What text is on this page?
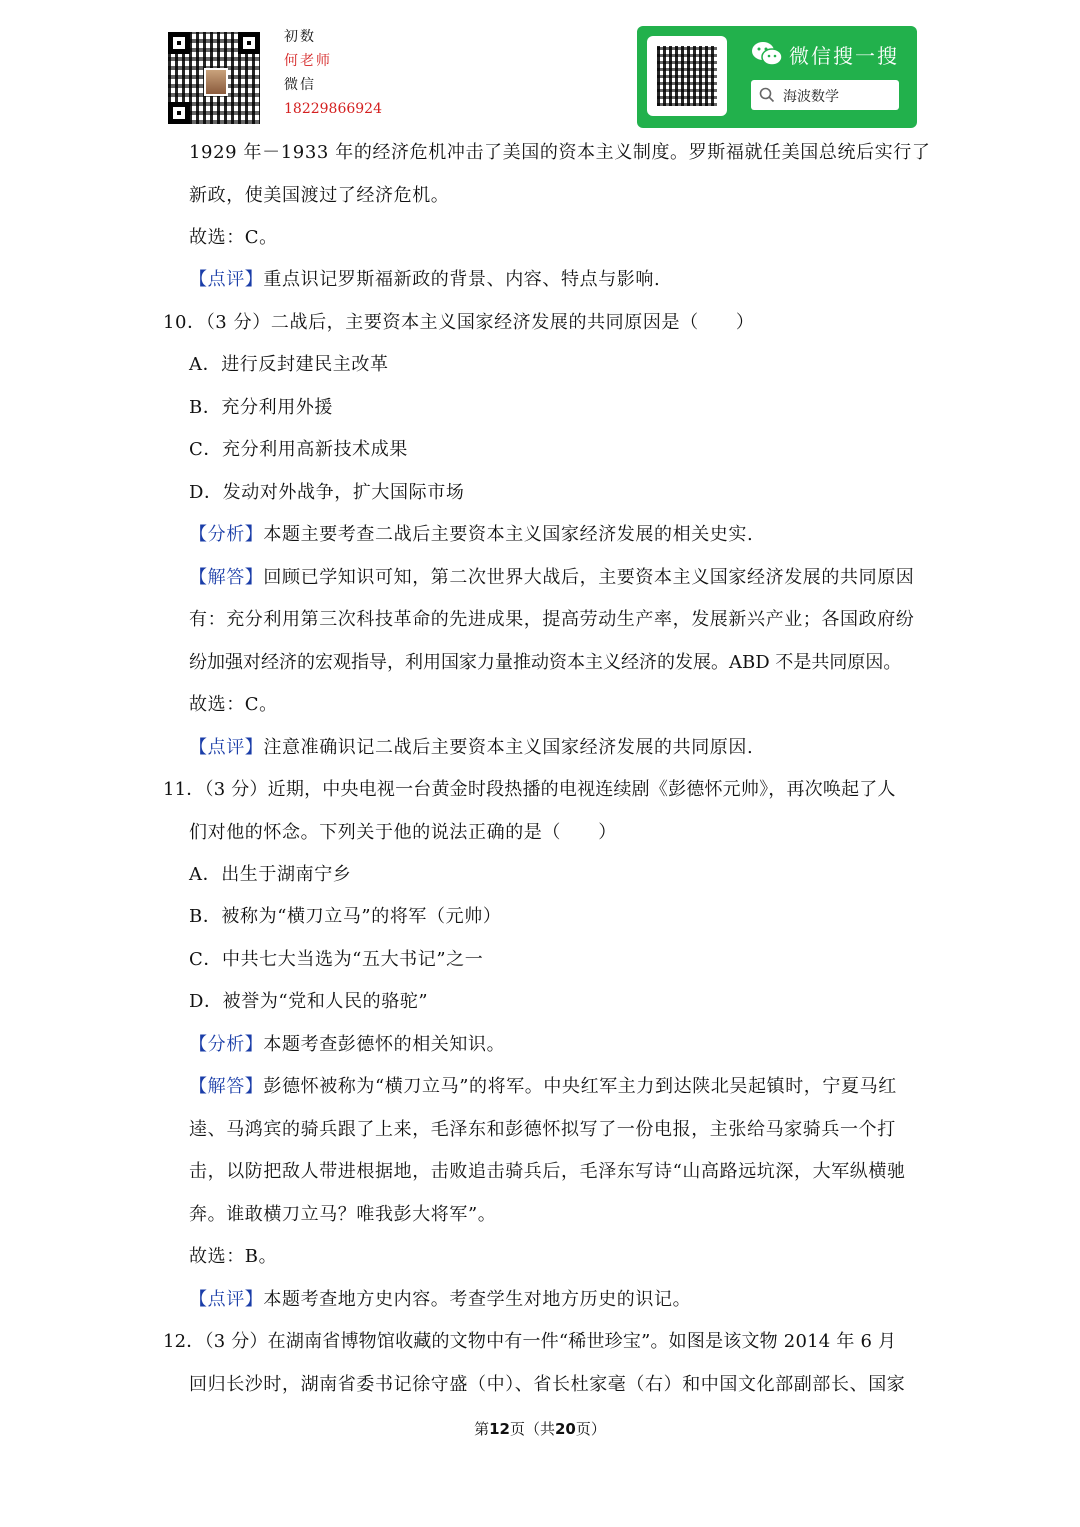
初数
何老师
微信
18229866924
微信搜一搜
海波数学
1929 年－1933 年的经济危机冲击了美国的资本主义制度。罗斯福就任美国总统后实行了
新政，使美国渡过了经济危机。
故选：C。
【点评】重点识记罗斯福新政的背景、内容、特点与影响.
10．（3 分）二战后，主要资本主义国家经济发展的共同原因是（　　）
A．进行反封建民主改革
B．充分利用外援
C．充分利用高新技术成果
D．发动对外战争，扩大国际市场
【分析】本题主要考查二战后主要资本主义国家经济发展的相关史实.
【解答】回顾已学知识可知，第二次世界大战后，主要资本主义国家经济发展的共同原因
有：充分利用第三次科技革命的先进成果，提高劳动生产率，发展新兴产业；各国政府纷
纷加强对经济的宏观指导，利用国家力量推动资本主义经济的发展。ABD 不是共同原因。
故选：C。
【点评】注意准确识记二战后主要资本主义国家经济发展的共同原因.
11．（3 分）近期，中央电视一台黄金时段热播的电视连续剧《彭德怀元帅》，再次唤起了人
们对他的怀念。下列关于他的说法正确的是（　　）
A．出生于湖南宁乡
B．被称为“横刀立马”的将军（元帅）
C．中共七大当选为“五大书记”之一
D．被誉为“党和人民的骆驼”
【分析】本题考查彭德怀的相关知识。
【解答】彭德怀被称为“横刀立马”的将军。中央红军主力到达陕北吴起镇时，宁夏马红
逵、马鸿宾的骑兵跟了上来，毛泽东和彭德怀拟写了一份电报，主张给马家骑兵一个打
击，以防把敌人带进根据地，击败追击骑兵后，毛泽东写诗“山高路远坑深，大军纵横驰
奔。谁敢横刀立马？唯我彭大将军”。
故选：B。
【点评】本题考查地方史内容。考查学生对地方历史的识记。
12．（3 分）在湖南省博物馆收藏的文物中有一件“稀世珍宝”。如图是该文物 2014 年 6 月
回归长沙时，湖南省委书记徐守盛（中）、省长杜家毫（右）和中国文化部副部长、国家
第12页（共20页）
